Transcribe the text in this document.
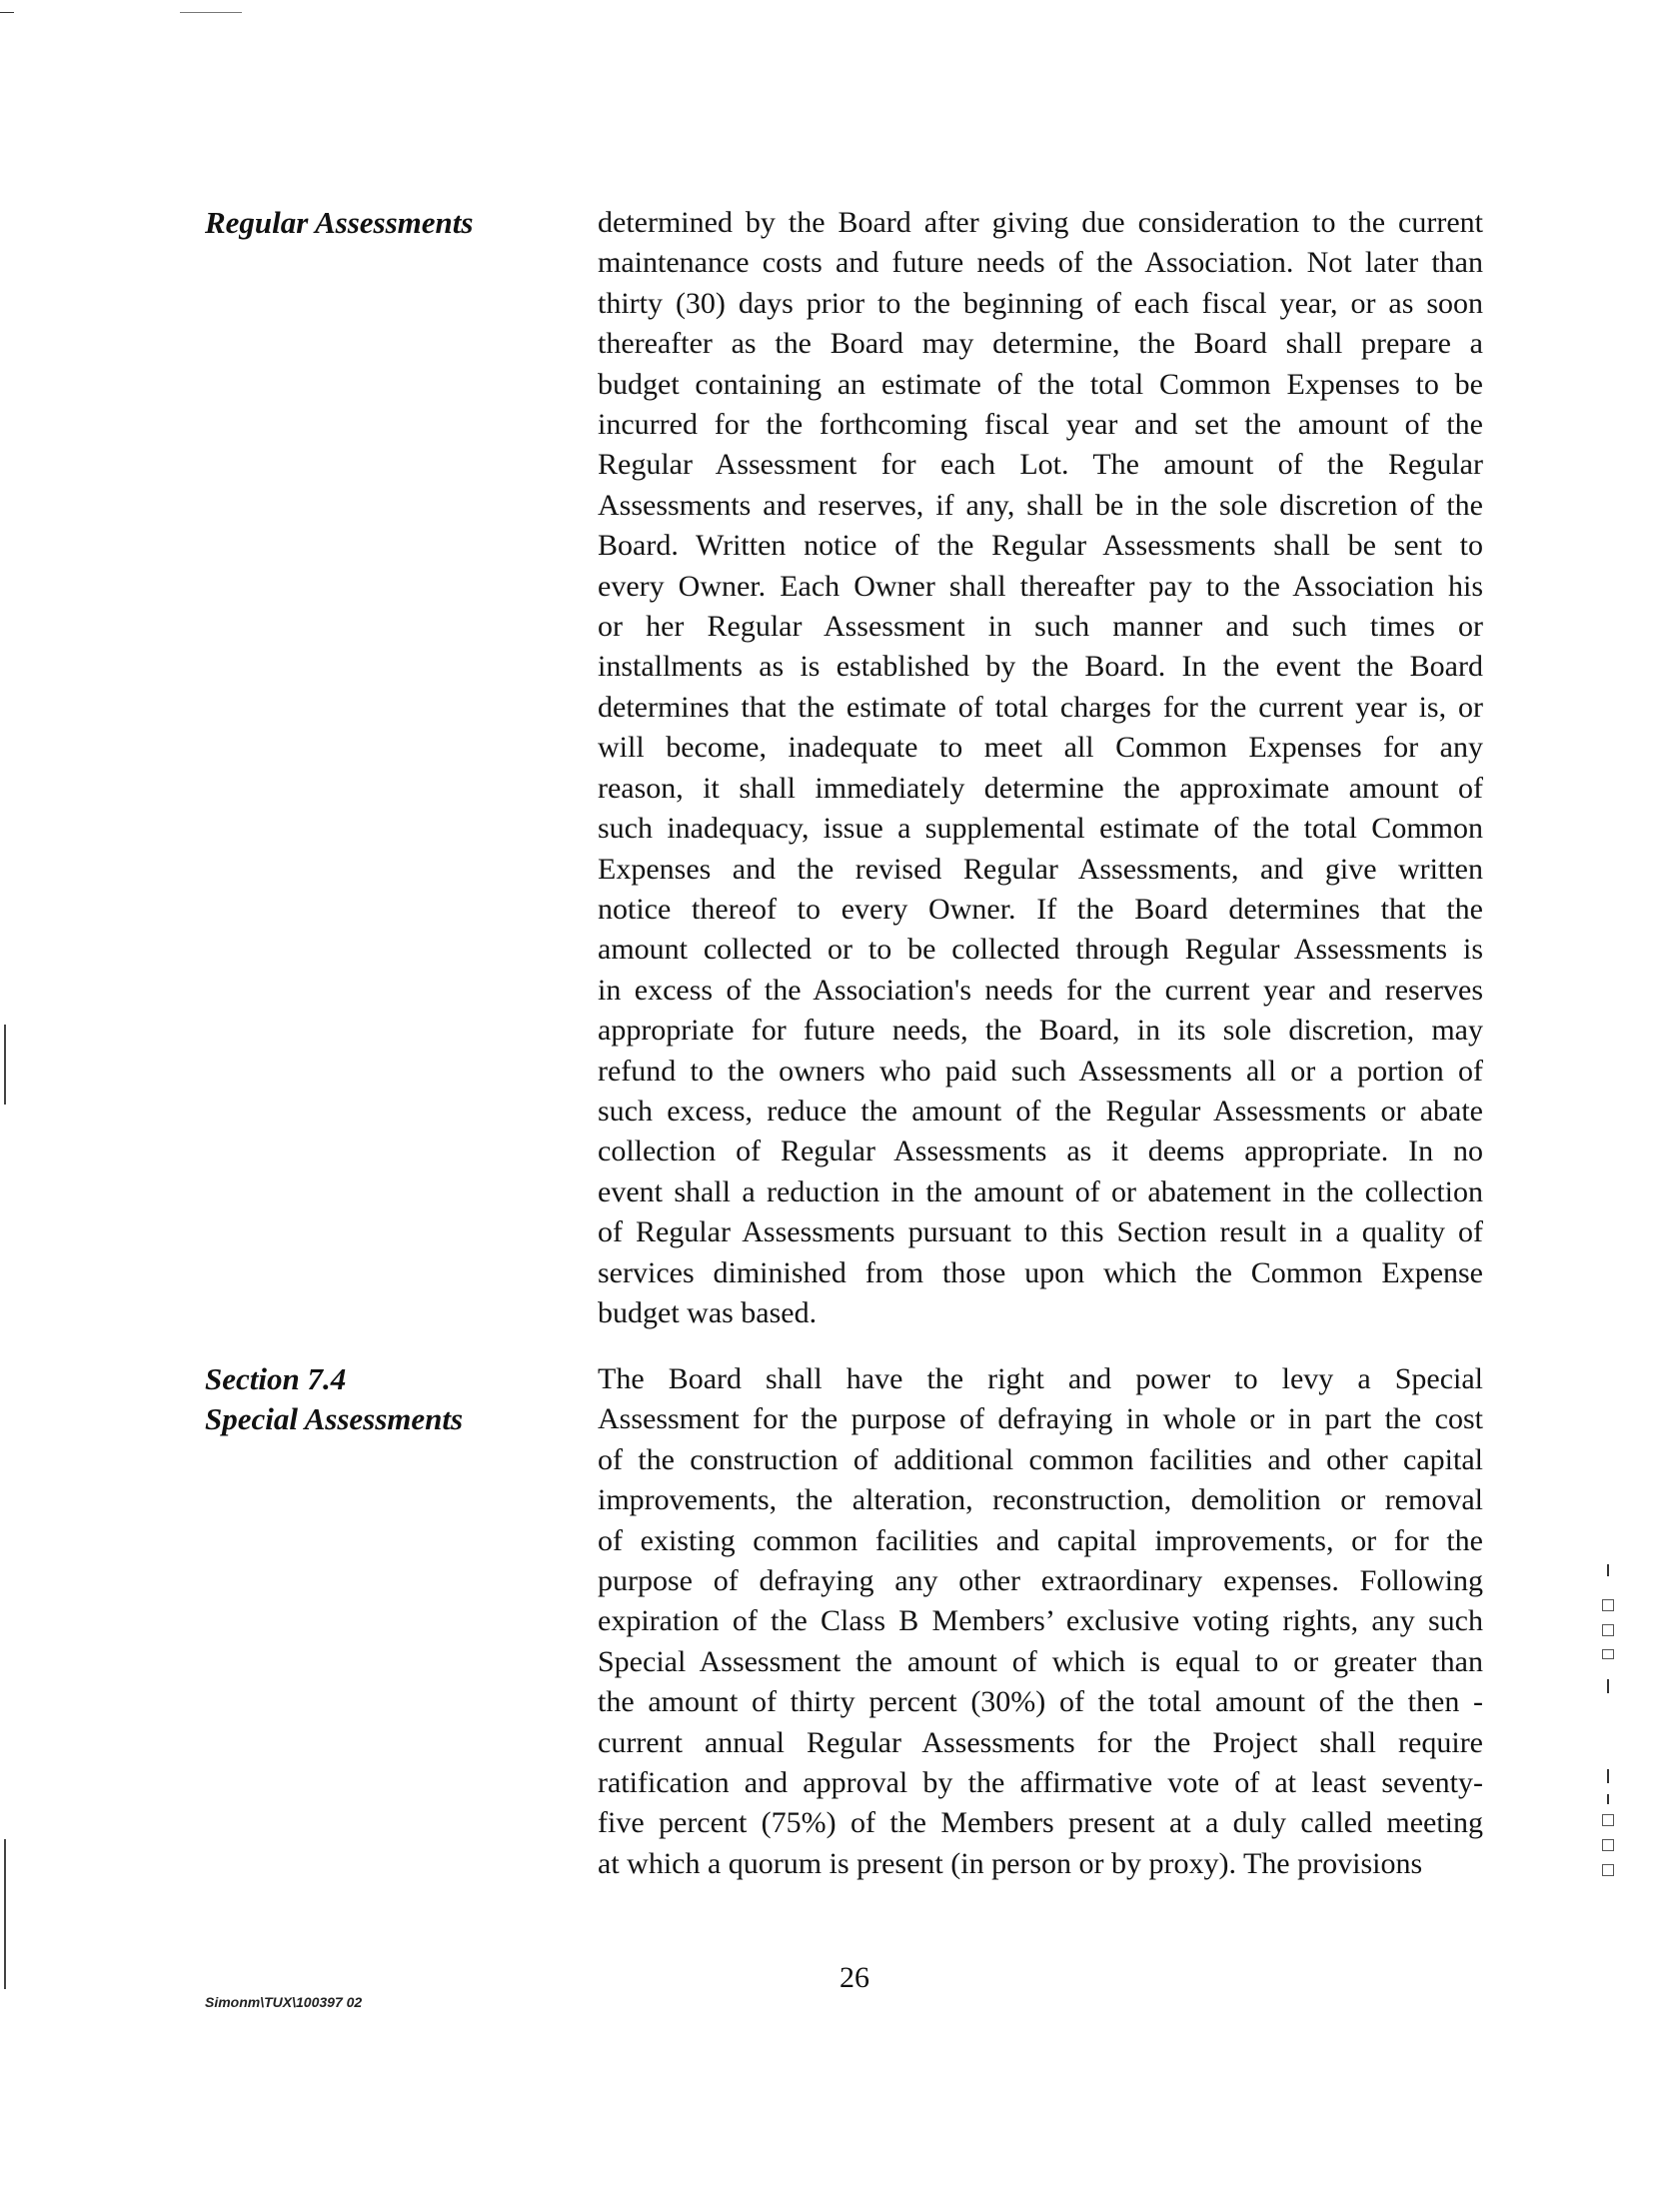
Regular Assessments	determined by the Board after giving due consideration to the current
maintenance costs and future needs of the Association. Not later than
thirty (30) days prior to the beginning of each fiscal year, or as soon
thereafter as the Board may determine, the Board shall prepare a
budget containing an estimate of the total Common Expenses to be
incurred for the forthcoming fiscal year and set the amount of the
Regular Assessment for each Lot. The amount of the Regular
Assessments and reserves, if any, shall be in the sole discretion of the
Board. Written notice of the Regular Assessments shall be sent to
every Owner. Each Owner shall thereafter pay to the Association his
or her Regular Assessment in such manner and such times or
installments as is established by the Board. In the event the Board
determines that the estimate of total charges for the current year is, or
will become, inadequate to meet all Common Expenses for any
reason, it shall immediately determine the approximate amount of
such inadequacy, issue a supplemental estimate of the total Common
Expenses and the revised Regular Assessments, and give written
notice thereof to every Owner. If the Board determines that the
amount collected or to be collected through Regular Assessments is
in excess of the Association's needs for the current year and reserves
appropriate for future needs, the Board, in its sole discretion, may
refund to the owners who paid such Assessments all or a portion of
such excess, reduce the amount of the Regular Assessments or abate
collection of Regular Assessments as it deems appropriate. In no
event shall a reduction in the amount of or abatement in the collection
of Regular Assessments pursuant to this Section result in a quality of
services diminished from those upon which the Common Expense
budget was based.
Section 7.4
Special Assessments
The Board shall have the right and power to levy a Special
Assessment for the purpose of defraying in whole or in part the cost
of the construction of additional common facilities and other capital
improvements, the alteration, reconstruction, demolition or removal
of existing common facilities and capital improvements, or for the
purpose of defraying any other extraordinary expenses. Following
expiration of the Class B Members’ exclusive voting rights, any such
Special Assessment the amount of which is equal to or greater than
the amount of thirty percent (30%) of the total amount of the then -
current annual Regular Assessments for the Project shall require
ratification and approval by the affirmative vote of at least seventy-
five percent (75%) of the Members present at a duly called meeting
at which a quorum is present (in person or by proxy). The provisions
Simonm\TUX\100397 02
26
